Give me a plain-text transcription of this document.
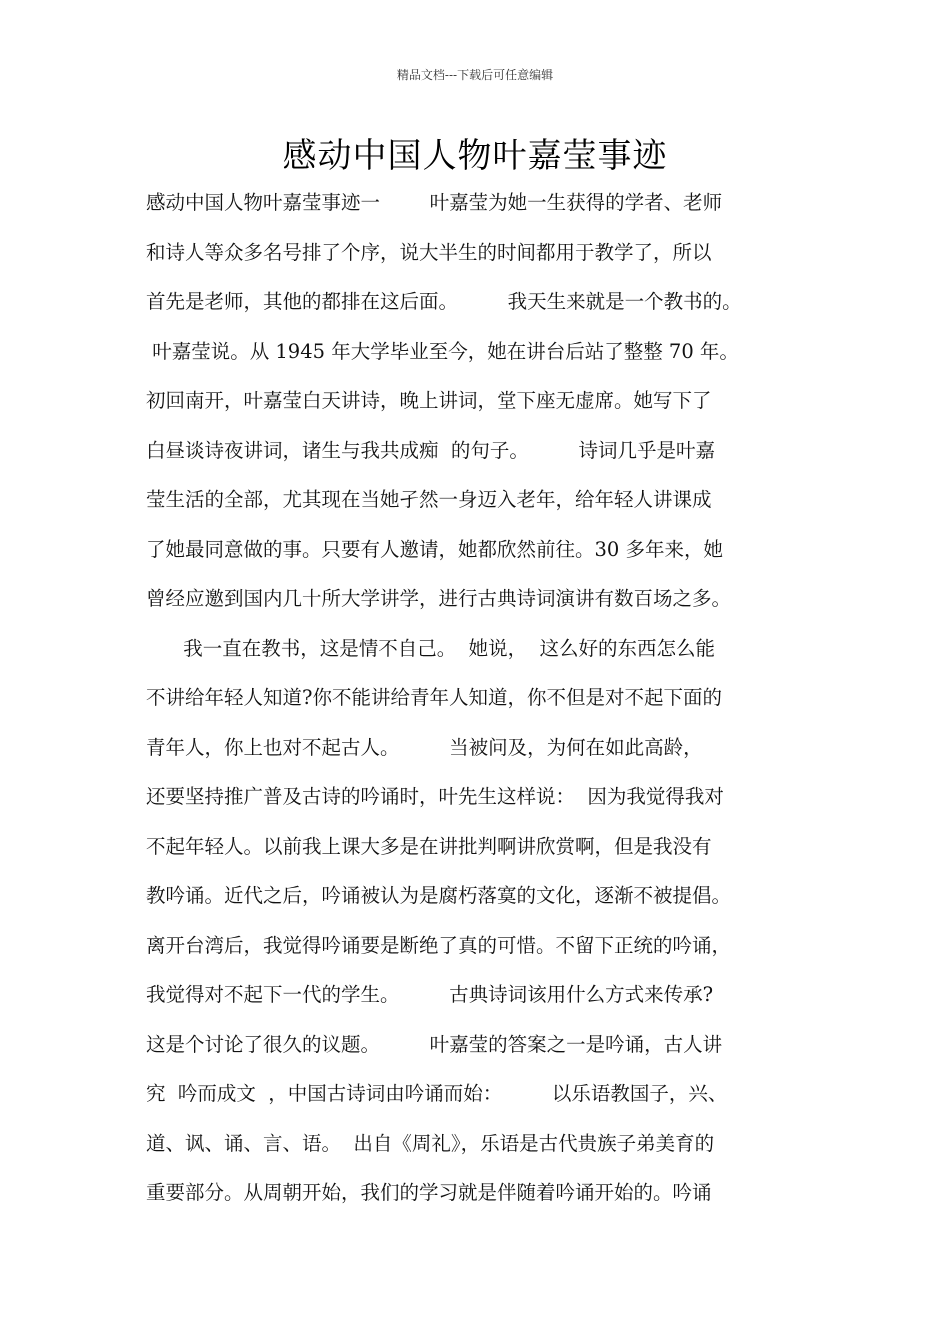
精品文档---下载后可任意编辑
感动中国人物叶嘉莹事迹
感动中国人物叶嘉莹事迹一        叶嘉莹为她一生获得的学者、老师
和诗人等众多名号排了个序，说大半生的时间都用于教学了，所以
首先是老师，其他的都排在这后面。        我天生来就是一个教书的。
叶嘉莹说。从 1945 年大学毕业至今，她在讲台后站了整整 70 年。
初回南开，叶嘉莹白天讲诗，晚上讲词，堂下座无虚席。她写下了
白昼谈诗夜讲词，诸生与我共成痴  的句子。        诗词几乎是叶嘉
莹生活的全部，尤其现在当她孑然一身迈入老年，给年轻人讲课成
了她最同意做的事。只要有人邀请，她都欣然前往。30 多年来，她
曾经应邀到国内几十所大学讲学，进行古典诗词演讲有数百场之多。
我一直在教书，这是情不自己。  她说，  这么好的东西怎么能
不讲给年轻人知道?你不能讲给青年人知道，你不但是对不起下面的
青年人，你上也对不起古人。        当被问及，为何在如此高龄，
还要坚持推广普及古诗的吟诵时，叶先生这样说：  因为我觉得我对
不起年轻人。以前我上课大多是在讲批判啊讲欣赏啊，但是我没有
教吟诵。近代之后，吟诵被认为是腐朽落寞的文化，逐渐不被提倡。
离开台湾后，我觉得吟诵要是断绝了真的可惜。不留下正统的吟诵，
我觉得对不起下一代的学生。        古典诗词该用什么方式来传承?
这是个讨论了很久的议题。        叶嘉莹的答案之一是吟诵，古人讲
究  吟而成文  ，中国古诗词由吟诵而始：        以乐语教国子，兴、
道、讽、诵、言、语。  出自《周礼》，乐语是古代贵族子弟美育的
重要部分。从周朝开始，我们的学习就是伴随着吟诵开始的。吟诵
